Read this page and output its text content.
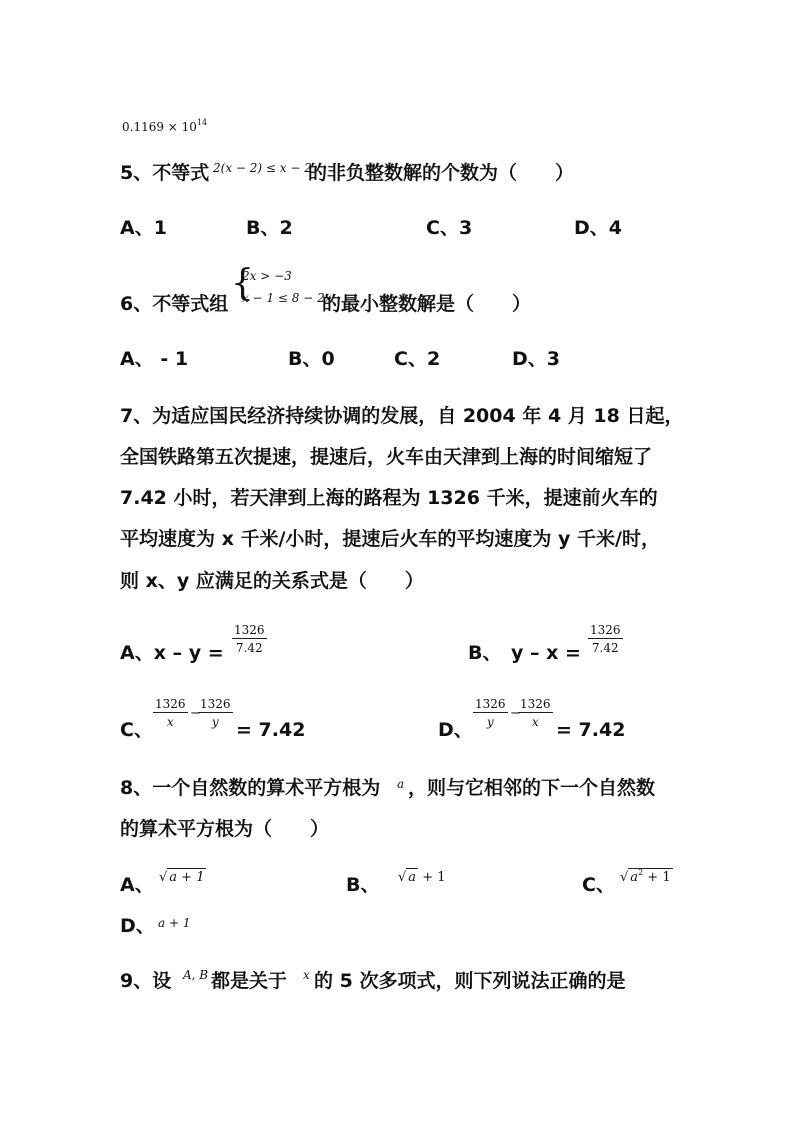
$0.1169 \times 10^{14}$
5、不等式 2(x − 2) ≤ x − 2
的非负整数解的个数为（　　）
A、1	B、2	C、3	D、4
6、不等式组 {
2x > −3
x − 1 ≤ 8 − 2x
的最小整数解是（　　）
A、 - 1	B、0	C、2	D、3
7、为适应国民经济持续协调的发展，自 2004 年 4 月 18 日起，
全国铁路第五次提速，提速后，火车由天津到上海的时间缩短了
7.42 小时，若天津到上海的路程为 1326 千米，提速前火车的
平均速度为 x 千米/小时，提速后火车的平均速度为 y 千米/时，
则 x、y 应满足的关系式是（　　）
A、$x - y = \frac{1326}{7.42}$	B、 $y - x = \frac{1326}{7.42}$
C、
$\frac{1326}{x}$ −
$\frac{1326}{y}$
= 7.42	D、
$\frac{1326}{y}$ −
$\frac{1326}{x}$
= 7.42
8、一个自然数的算术平方根为 a ，则与它相邻的下一个自然数
的算术平方根为（　　）
A、 √ a + 1	B、 √ a + 1	C、 √ $a^2 + 1$
D、 a + 1
9、设 A, B 都是关于 x 的 5 次多项式，则下列说法正确的是
